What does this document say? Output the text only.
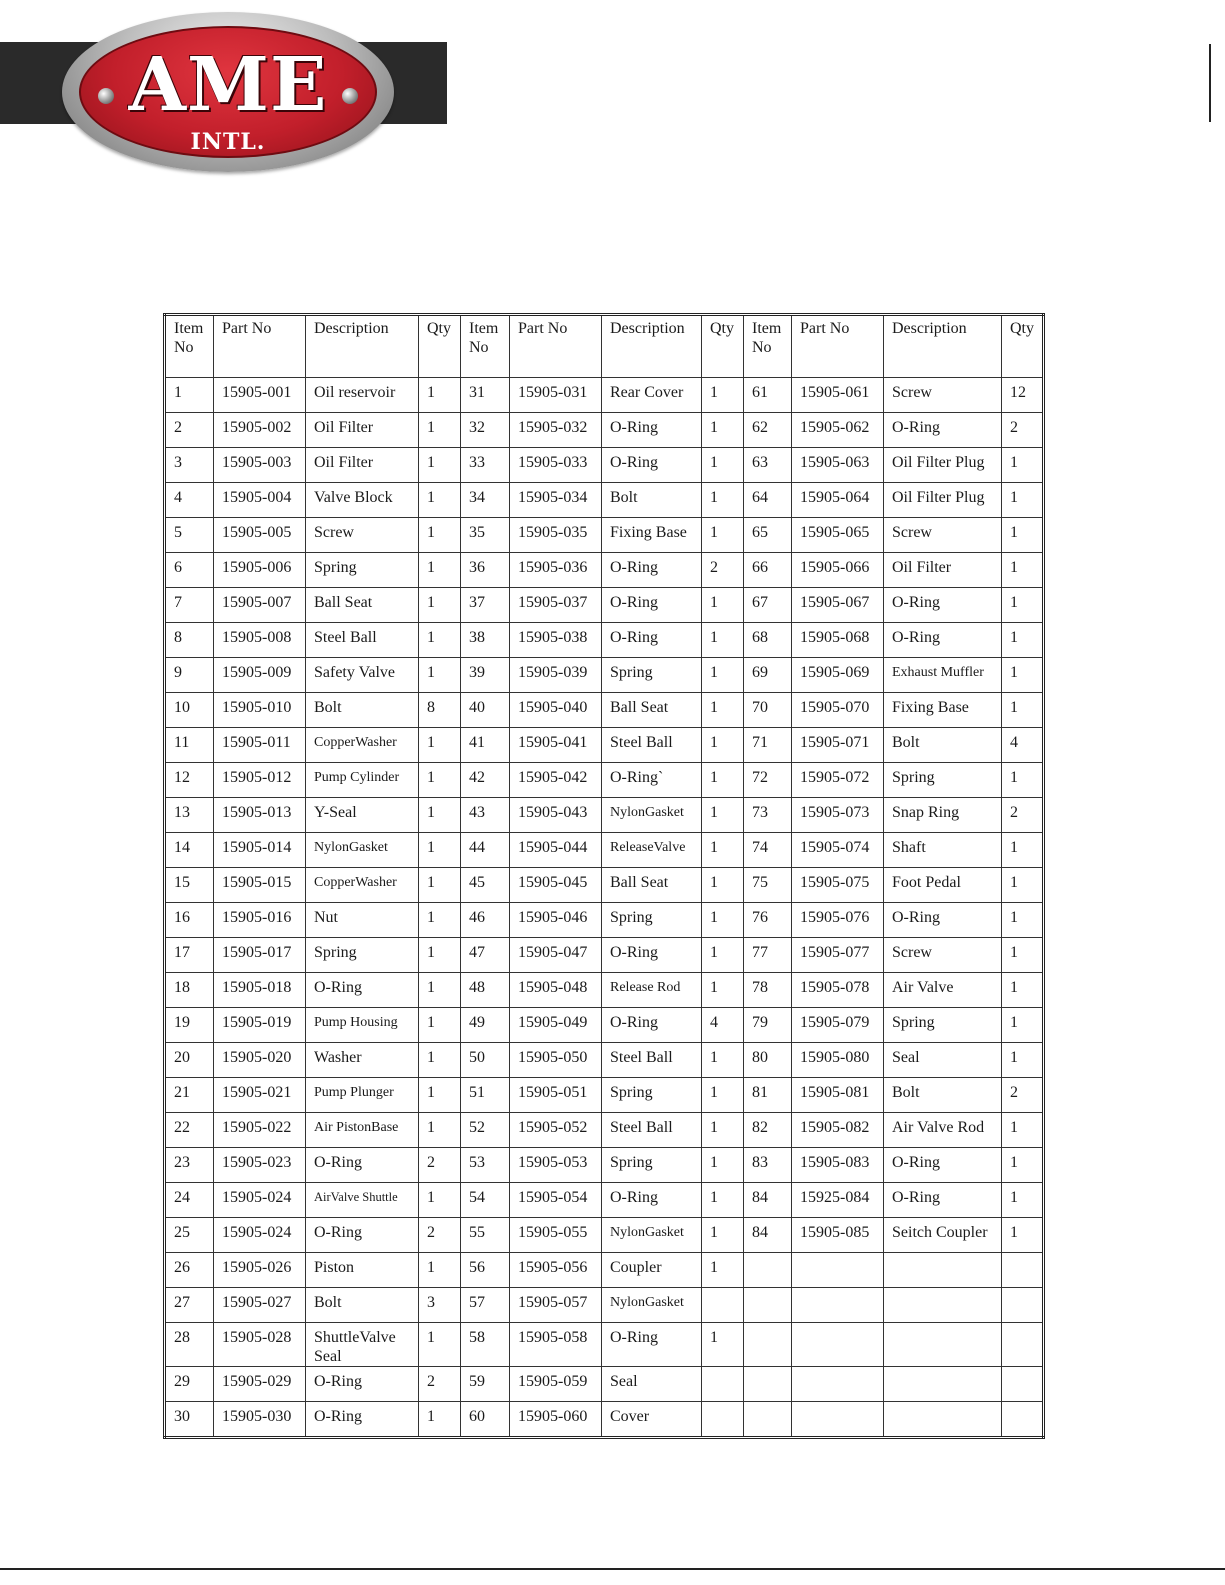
AME
INTL.
Item No	Part No	Description	Qty	Item No	Part No	Description	Qty	Item No	Part No	Description	Qty
1	15905-001	Oil reservoir	1	31	15905-031	Rear Cover	1	61	15905-061	Screw	12
2	15905-002	Oil Filter	1	32	15905-032	O-Ring	1	62	15905-062	O-Ring	2
3	15905-003	Oil Filter	1	33	15905-033	O-Ring	1	63	15905-063	Oil Filter Plug	1
4	15905-004	Valve Block	1	34	15905-034	Bolt	1	64	15905-064	Oil Filter Plug	1
5	15905-005	Screw	1	35	15905-035	Fixing Base	1	65	15905-065	Screw	1
6	15905-006	Spring	1	36	15905-036	O-Ring	2	66	15905-066	Oil Filter	1
7	15905-007	Ball Seat	1	37	15905-037	O-Ring	1	67	15905-067	O-Ring	1
8	15905-008	Steel Ball	1	38	15905-038	O-Ring	1	68	15905-068	O-Ring	1
9	15905-009	Safety Valve	1	39	15905-039	Spring	1	69	15905-069	Exhaust Muffler	1
10	15905-010	Bolt	8	40	15905-040	Ball Seat	1	70	15905-070	Fixing Base	1
11	15905-011	CopperWasher	1	41	15905-041	Steel Ball	1	71	15905-071	Bolt	4
12	15905-012	Pump Cylinder	1	42	15905-042	O-Ring`	1	72	15905-072	Spring	1
13	15905-013	Y-Seal	1	43	15905-043	NylonGasket	1	73	15905-073	Snap Ring	2
14	15905-014	NylonGasket	1	44	15905-044	ReleaseValve	1	74	15905-074	Shaft	1
15	15905-015	CopperWasher	1	45	15905-045	Ball Seat	1	75	15905-075	Foot Pedal	1
16	15905-016	Nut	1	46	15905-046	Spring	1	76	15905-076	O-Ring	1
17	15905-017	Spring	1	47	15905-047	O-Ring	1	77	15905-077	Screw	1
18	15905-018	O-Ring	1	48	15905-048	Release Rod	1	78	15905-078	Air Valve	1
19	15905-019	Pump Housing	1	49	15905-049	O-Ring	4	79	15905-079	Spring	1
20	15905-020	Washer	1	50	15905-050	Steel Ball	1	80	15905-080	Seal	1
21	15905-021	Pump Plunger	1	51	15905-051	Spring	1	81	15905-081	Bolt	2
22	15905-022	Air PistonBase	1	52	15905-052	Steel Ball	1	82	15905-082	Air Valve Rod	1
23	15905-023	O-Ring	2	53	15905-053	Spring	1	83	15905-083	O-Ring	1
24	15905-024	AirValve Shuttle	1	54	15905-054	O-Ring	1	84	15925-084	O-Ring	1
25	15905-024	O-Ring	2	55	15905-055	NylonGasket	1	84	15905-085	Seitch Coupler	1
26	15905-026	Piston	1	56	15905-056	Coupler	1				
27	15905-027	Bolt	3	57	15905-057	NylonGasket					
28	15905-028	ShuttleValve Seal	1	58	15905-058	O-Ring	1				
29	15905-029	O-Ring	2	59	15905-059	Seal					
30	15905-030	O-Ring	1	60	15905-060	Cover					
